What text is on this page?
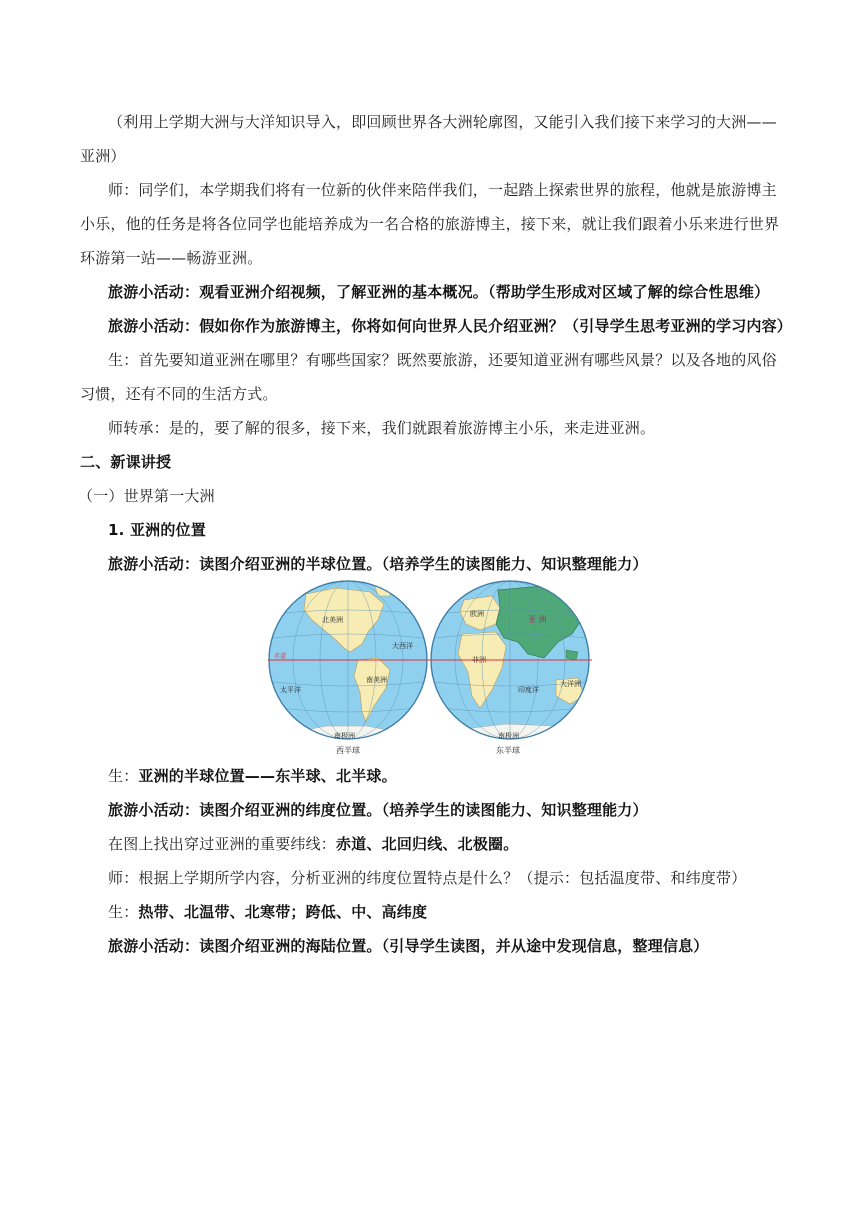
（利用上学期大洲与大洋知识导入，即回顾世界各大洲轮廓图，又能引入我们接下来学习的大洲——
亚洲）
师：同学们，本学期我们将有一位新的伙伴来陪伴我们，一起踏上探索世界的旅程，他就是旅游博主
小乐，他的任务是将各位同学也能培养成为一名合格的旅游博主，接下来，就让我们跟着小乐来进行世界
环游第一站——畅游亚洲。
旅游小活动：观看亚洲介绍视频，了解亚洲的基本概况。（帮助学生形成对区域了解的综合性思维）
旅游小活动：假如你作为旅游博主，你将如何向世界人民介绍亚洲？（引导学生思考亚洲的学习内容）
生：首先要知道亚洲在哪里？有哪些国家？既然要旅游，还要知道亚洲有哪些风景？以及各地的风俗
习惯，还有不同的生活方式。
师转承：是的，要了解的很多，接下来，我们就跟着旅游博主小乐，来走进亚洲。
二、新课讲授
（一）世界第一大洲
1. 亚洲的位置
旅游小活动：读图介绍亚洲的半球位置。（培养学生的读图能力、知识整理能力）
北美洲
南美洲
南极洲
太平洋
大西洋
欧洲
亚 洲
非洲
大洋洲
南极洲
印度洋
赤道
西半球	东半球
生：亚洲的半球位置——东半球、北半球。
旅游小活动：读图介绍亚洲的纬度位置。（培养学生的读图能力、知识整理能力）
在图上找出穿过亚洲的重要纬线：赤道、北回归线、北极圈。
师：根据上学期所学内容，分析亚洲的纬度位置特点是什么？（提示：包括温度带、和纬度带）
生：热带、北温带、北寒带；跨低、中、高纬度
旅游小活动：读图介绍亚洲的海陆位置。（引导学生读图，并从途中发现信息，整理信息）
